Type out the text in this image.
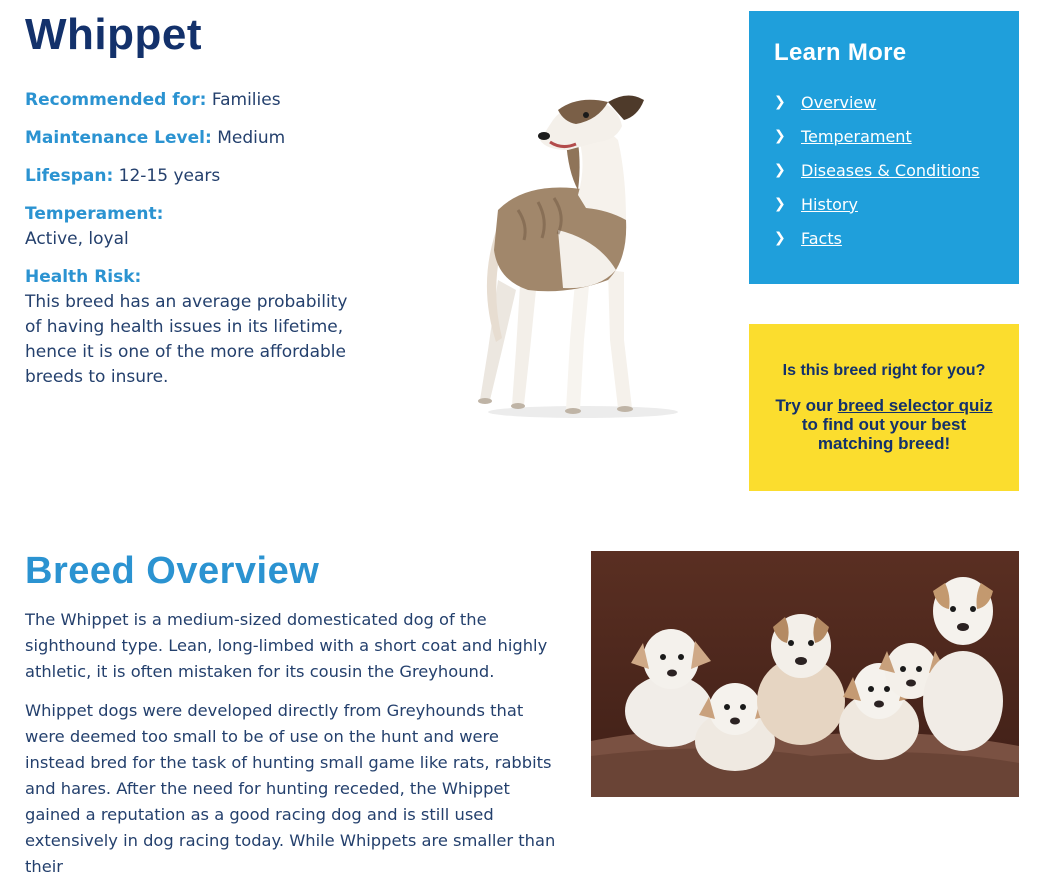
Whippet
Recommended for: Families
Maintenance Level: Medium
Lifespan: 12-15 years
Temperament:
Active, loyal
Health Risk:
This breed has an average probability of having health issues in its lifetime, hence it is one of the more affordable breeds to insure.
Learn More
❯ Overview
❯ Temperament
❯ Diseases & Conditions
❯ History
❯ Facts
Is this breed right for you?
Try our breed selector quiz to find out your best matching breed!
Breed Overview

The Whippet is a medium-sized domesticated dog of the sighthound type. Lean, long-limbed with a short coat and highly athletic, it is often mistaken for its cousin the Greyhound.

Whippet dogs were developed directly from Greyhounds that were deemed too small to be of use on the hunt and were instead bred for the task of hunting small game like rats, rabbits and hares. After the need for hunting receded, the Whippet gained a reputation as a good racing dog and is still used extensively in dog racing today. While Whippets are smaller than their
